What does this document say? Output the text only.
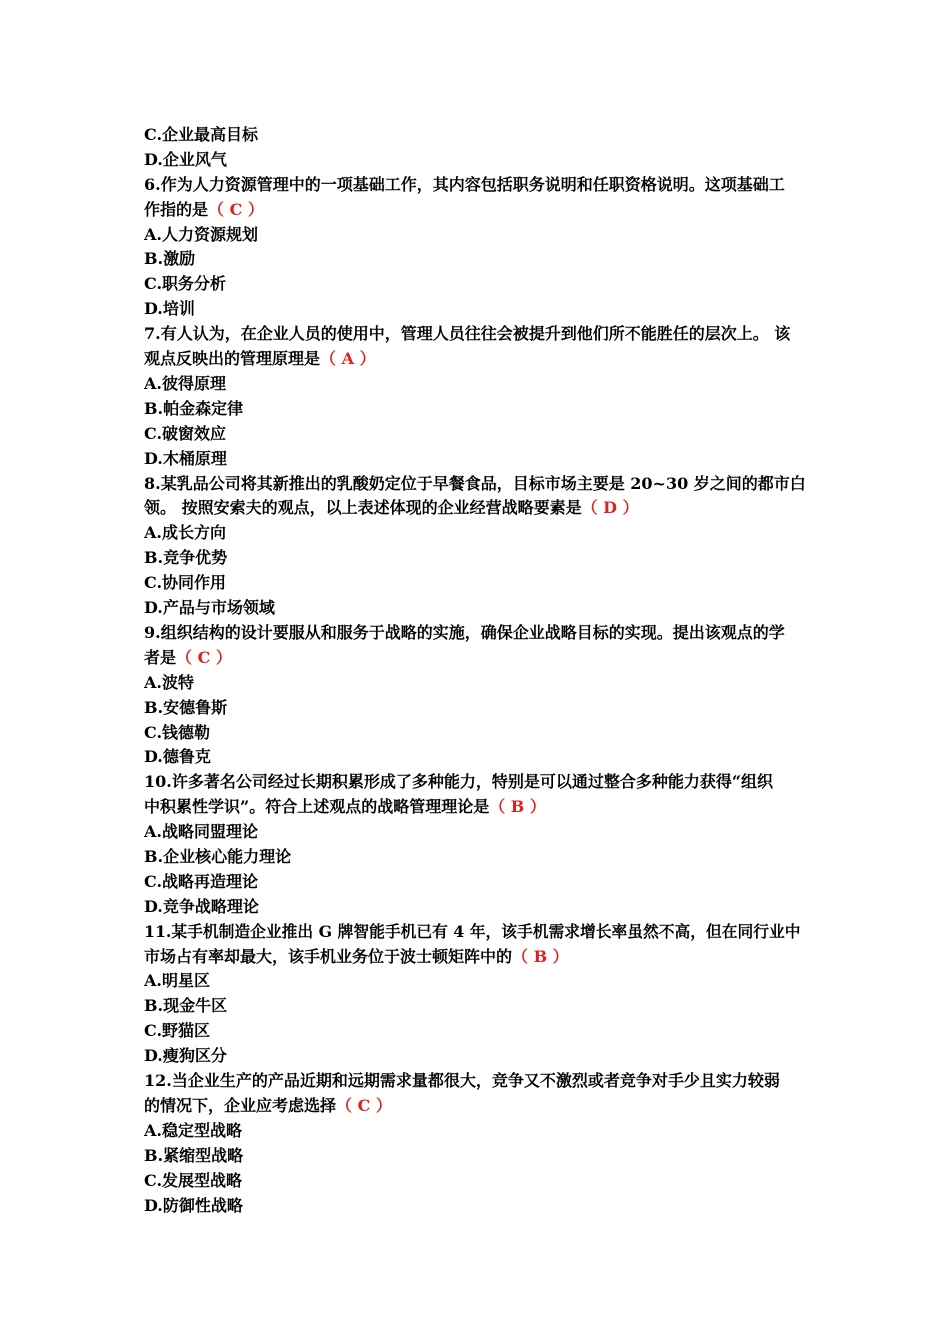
C.企业最高目标
D.企业风气
6.作为人力资源管理中的一项基础工作，其内容包括职务说明和任职资格说明。这项基础工
作指的是（ C ）
A.人力资源规划
B.激励
C.职务分析
D.培训
7.有人认为，在企业人员的使用中，管理人员往往会被提升到他们所不能胜任的层次上。 该
观点反映出的管理原理是（ A ）
A.彼得原理
B.帕金森定律
C.破窗效应
D.木桶原理
8.某乳品公司将其新推出的乳酸奶定位于早餐食品，目标市场主要是 20~30 岁之间的都市白
领。 按照安索夫的观点，以上表述体现的企业经营战略要素是（ D ）
A.成长方向
B.竞争优势
C.协同作用
D.产品与市场领域
9.组织结构的设计要服从和服务于战略的实施，确保企业战略目标的实现。提出该观点的学
者是（ C ）
A.波特
B.安德鲁斯
C.钱德勒
D.德鲁克
10.许多著名公司经过长期积累形成了多种能力，特别是可以通过整合多种能力获得“组织
中积累性学识”。符合上述观点的战略管理理论是（ B ）
A.战略同盟理论
B.企业核心能力理论
C.战略再造理论
D.竞争战略理论
11.某手机制造企业推出 G 牌智能手机已有 4 年，该手机需求增长率虽然不高，但在同行业中
市场占有率却最大，该手机业务位于波士顿矩阵中的（ B ）
A.明星区
B.现金牛区
C.野猫区
D.瘦狗区分
12.当企业生产的产品近期和远期需求量都很大，竞争又不激烈或者竞争对手少且实力较弱
的情况下，企业应考虑选择（ C ）
A.稳定型战略
B.紧缩型战略
C.发展型战略
D.防御性战略
